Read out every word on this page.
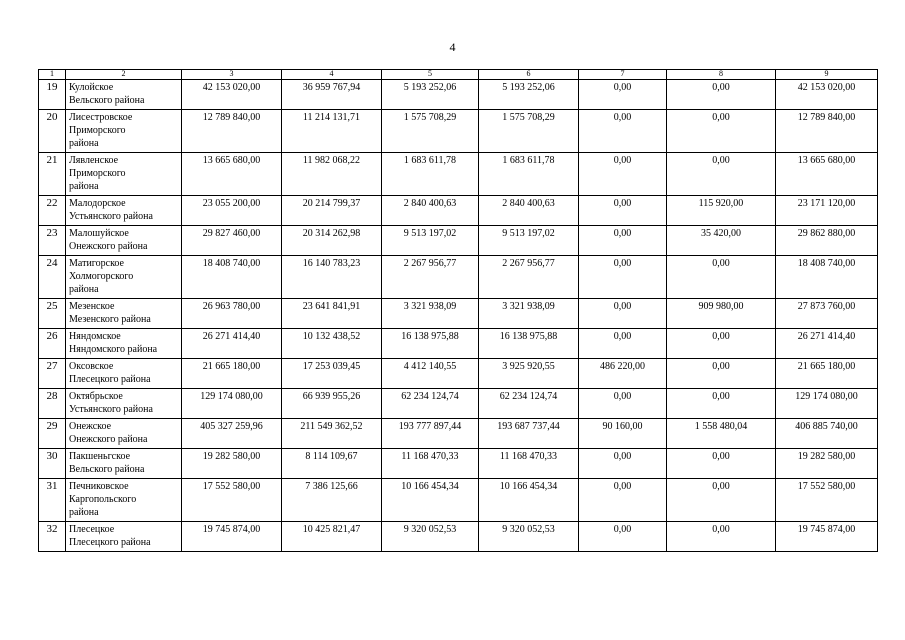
4
1	2	3	4	5	6	7	8	9
19	Кулойское
Вельского района	42 153 020,00	36 959 767,94	5 193 252,06	5 193 252,06	0,00	0,00	42 153 020,00
20	Лисестровское
Приморского
района	12 789 840,00	11 214 131,71	1 575 708,29	1 575 708,29	0,00	0,00	12 789 840,00
21	Лявленское
Приморского
района	13 665 680,00	11 982 068,22	1 683 611,78	1 683 611,78	0,00	0,00	13 665 680,00
22	Малодорское
Устьянского района	23 055 200,00	20 214 799,37	2 840 400,63	2 840 400,63	0,00	115 920,00	23 171 120,00
23	Малошуйское
Онежского района	29 827 460,00	20 314 262,98	9 513 197,02	9 513 197,02	0,00	35 420,00	29 862 880,00
24	Матигорское
Холмогорского
района	18 408 740,00	16 140 783,23	2 267 956,77	2 267 956,77	0,00	0,00	18 408 740,00
25	Мезенское
Мезенского района	26 963 780,00	23 641 841,91	3 321 938,09	3 321 938,09	0,00	909 980,00	27 873 760,00
26	Няндомское
Няндомского района	26 271 414,40	10 132 438,52	16 138 975,88	16 138 975,88	0,00	0,00	26 271 414,40
27	Оксовское
Плесецкого района	21 665 180,00	17 253 039,45	4 412 140,55	3 925 920,55	486 220,00	0,00	21 665 180,00
28	Октябрьское
Устьянского района	129 174 080,00	66 939 955,26	62 234 124,74	62 234 124,74	0,00	0,00	129 174 080,00
29	Онежское
Онежского района	405 327 259,96	211 549 362,52	193 777 897,44	193 687 737,44	90 160,00	1 558 480,04	406 885 740,00
30	Пакшеньгское
Вельского района	19 282 580,00	8 114 109,67	11 168 470,33	11 168 470,33	0,00	0,00	19 282 580,00
31	Печниковское
Каргопольского
района	17 552 580,00	7 386 125,66	10 166 454,34	10 166 454,34	0,00	0,00	17 552 580,00
32	Плесецкое
Плесецкого района	19 745 874,00	10 425 821,47	9 320 052,53	9 320 052,53	0,00	0,00	19 745 874,00
